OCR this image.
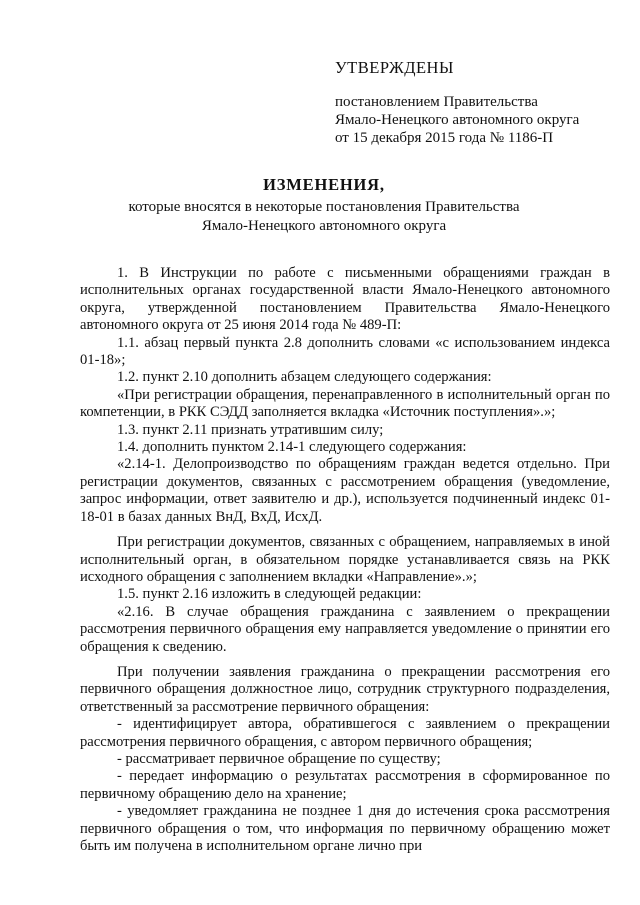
УТВЕРЖДЕНЫ
постановлением Правительства
Ямало-Ненецкого автономного округа
от 15 декабря 2015 года № 1186-П
ИЗМЕНЕНИЯ,
которые вносятся в некоторые постановления Правительства
Ямало-Ненецкого автономного округа

1. В Инструкции по работе с письменными обращениями граждан в исполнительных органах государственной власти Ямало-Ненецкого автономного округа, утвержденной постановлением Правительства Ямало-Ненецкого автономного округа от 25 июня 2014 года № 489-П:

1.1. абзац первый пункта 2.8 дополнить словами «с использованием индекса 01-18»;

1.2. пункт 2.10 дополнить абзацем следующего содержания:

«При регистрации обращения, перенаправленного в исполнительный орган по компетенции, в РКК СЭДД заполняется вкладка «Источник поступления».»;

1.3. пункт 2.11 признать утратившим силу;

1.4. дополнить пунктом 2.14-1 следующего содержания:

«2.14-1. Делопроизводство по обращениям граждан ведется отдельно. При регистрации документов, связанных с рассмотрением обращения (уведомление, запрос информации, ответ заявителю и др.), используется подчиненный индекс 01-18-01 в базах данных ВнД, ВхД, ИсхД.

При регистрации документов, связанных с обращением, направляемых в иной исполнительный орган, в обязательном порядке устанавливается связь на РКК исходного обращения с заполнением вкладки «Направление».»;

1.5. пункт 2.16 изложить в следующей редакции:

«2.16. В случае обращения гражданина с заявлением о прекращении рассмотрения первичного обращения ему направляется уведомление о принятии его обращения к сведению.

При получении заявления гражданина о прекращении рассмотрения его первичного обращения должностное лицо, сотрудник структурного подразделения, ответственный за рассмотрение первичного обращения:

- идентифицирует автора, обратившегося с заявлением о прекращении рассмотрения первичного обращения, с автором первичного обращения;

- рассматривает первичное обращение по существу;

- передает информацию о результатах рассмотрения в сформированное по первичному обращению дело на хранение;

- уведомляет гражданина не позднее 1 дня до истечения срока рассмотрения первичного обращения о том, что информация по первичному обращению может быть им получена в исполнительном органе лично при
